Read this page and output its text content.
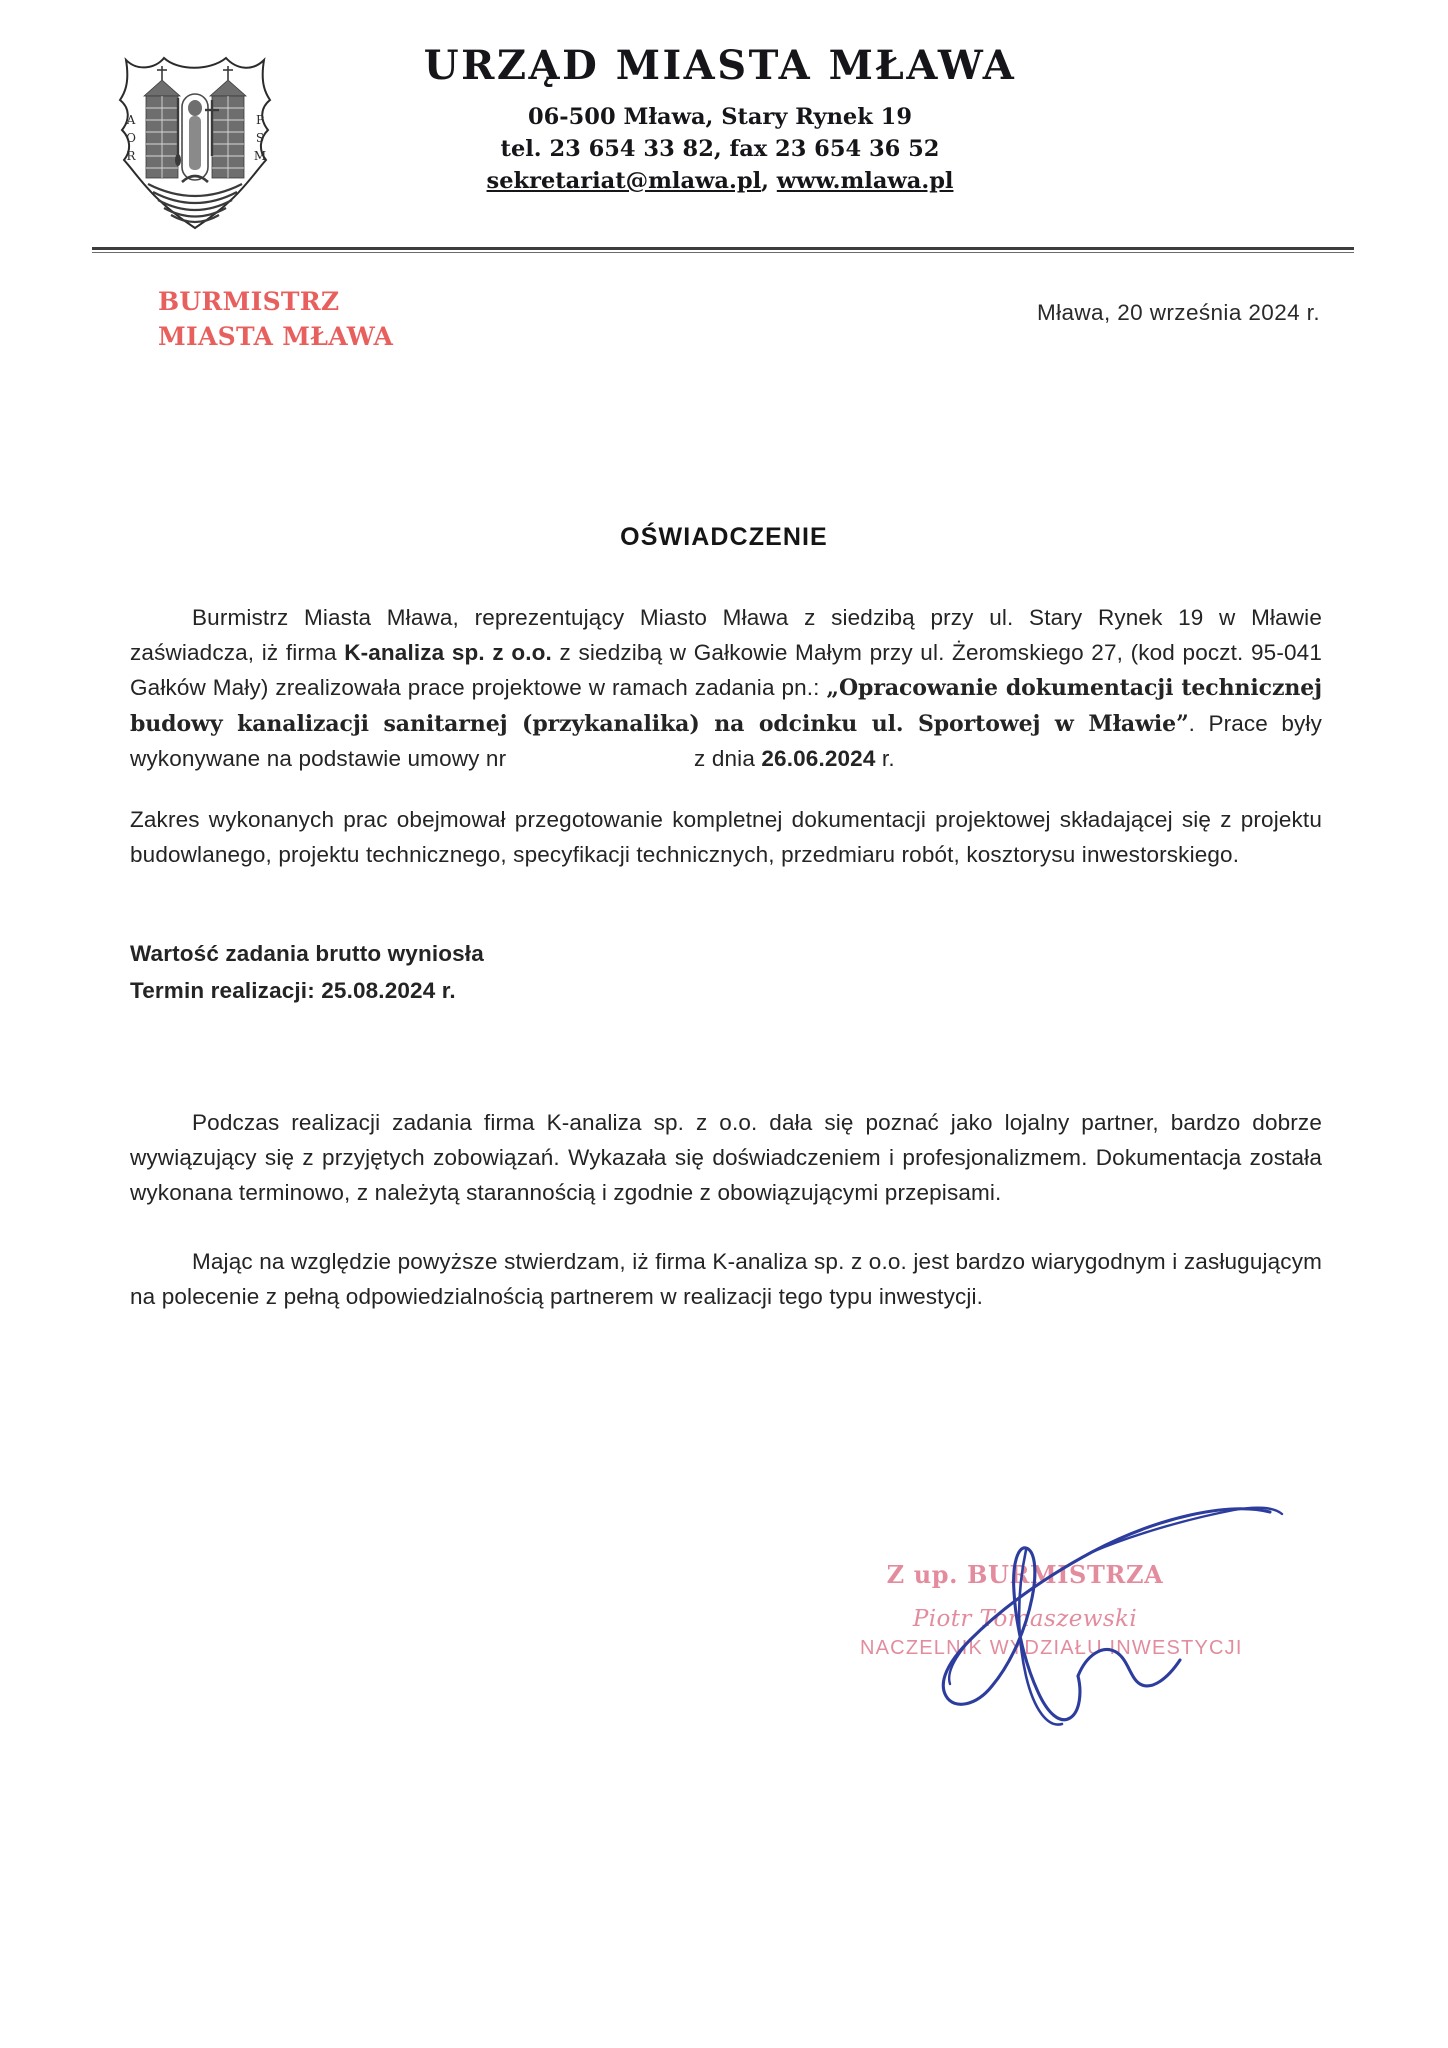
A
O
R
P
S
M
URZĄD MIASTA MŁAWA
06-500 Mława, Stary Rynek 19
tel. 23 654 33 82, fax 23 654 36 52
sekretariat@mlawa.pl, www.mlawa.pl
BURMISTRZ
MIASTA MŁAWA
Mława, 20 września 2024 r.
OŚWIADCZENIE

Burmistrz Miasta Mława, reprezentujący Miasto Mława z siedzibą przy ul. Stary Rynek 19 w Mławie zaświadcza, iż firma K-analiza sp. z o.o. z siedzibą w Gałkowie Małym przy ul. Żeromskiego 27, (kod poczt. 95-041 Gałków Mały) zrealizowała prace projektowe w ramach zadania pn.: „Opracowanie dokumentacji technicznej budowy kanalizacji sanitarnej (przykanalika) na odcinku ul. Sportowej w Mławie”. Prace były wykonywane na podstawie umowy nr	z dnia 26.06.2024 r.

Zakres wykonanych prac obejmował przegotowanie kompletnej dokumentacji projektowej składającej się z projektu budowlanego, projektu technicznego, specyfikacji technicznych, przedmiaru robót, kosztorysu inwestorskiego.

Wartość zadania brutto wyniosła
Termin realizacji: 25.08.2024 r.

Podczas realizacji zadania firma K-analiza sp. z o.o. dała się poznać jako lojalny partner, bardzo dobrze wywiązujący się z przyjętych zobowiązań. Wykazała się doświadczeniem i profesjonalizmem. Dokumentacja została wykonana terminowo, z należytą starannością i zgodnie z obowiązującymi przepisami.

Mając na względzie powyższe stwierdzam, iż firma K-analiza sp. z o.o. jest bardzo wiarygodnym i zasługującym na polecenie z pełną odpowiedzialnością partnerem w realizacji tego typu inwestycji.

Z up. BURMISTRZA
Piotr Tomaszewski
NACZELNIK WYDZIAŁU INWESTYCJI
